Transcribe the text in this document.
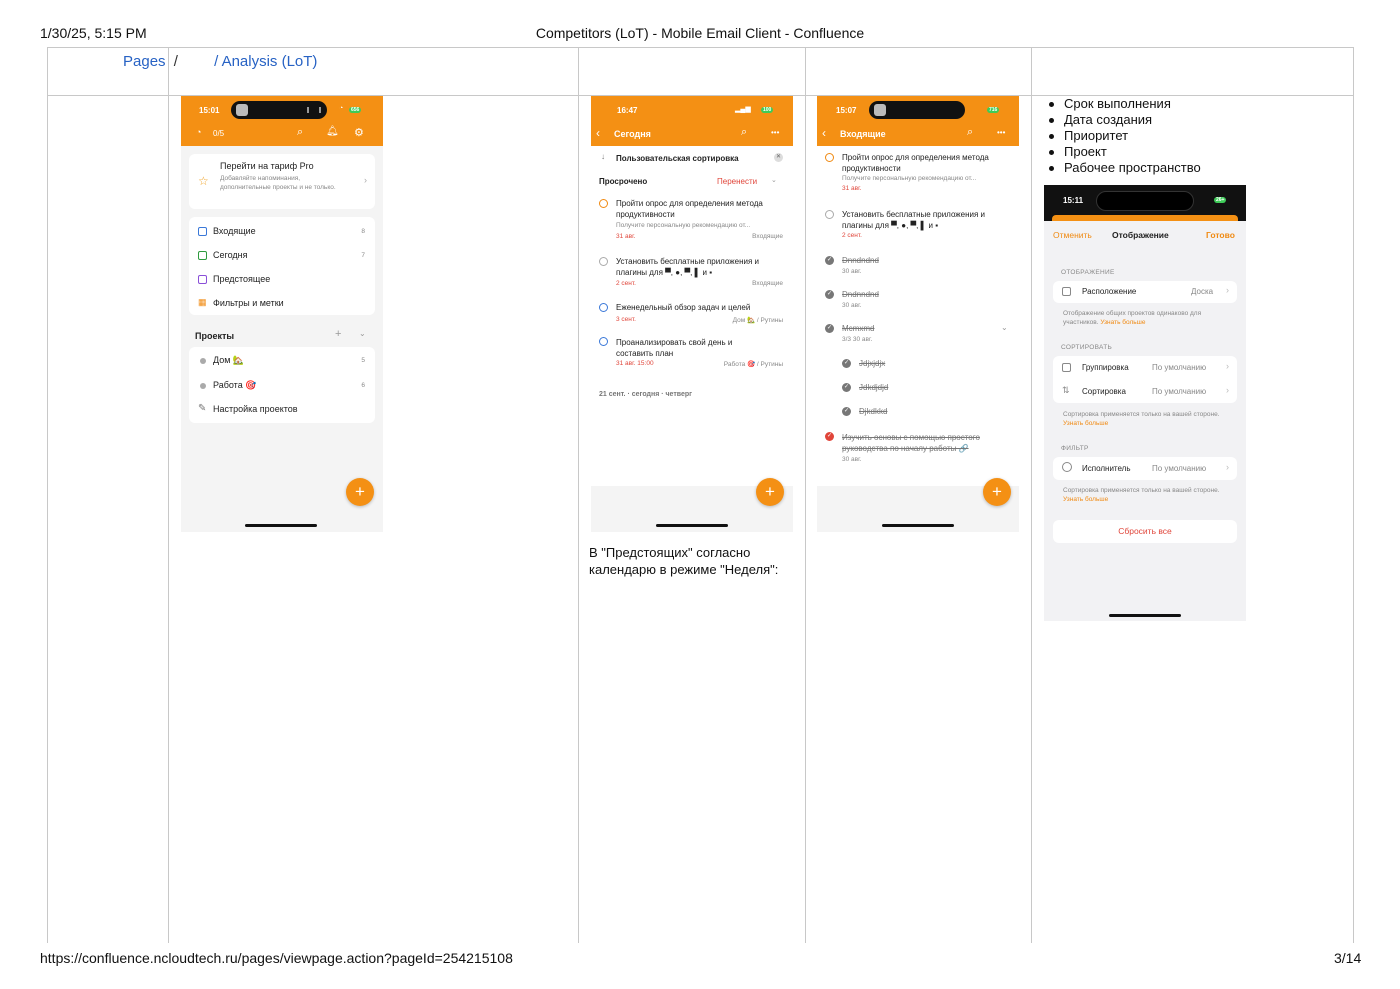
1/30/25, 5:15 PM	Competitors (LoT) - Mobile Email Client - Confluence
https://confluence.ncloudtech.ru/pages/viewpage.action?pageId=254215108	3/14
Pages / / Analysis (LoT)
15:01	◔	656
◔ 0/5	⌕ 🔔︎ ⚙
☆
Перейти на тариф Pro
Добавляйте напоминания, дополнительные проекты и не только.
›
Входящие	8
Сегодня	7
Предстоящее
▦ Фильтры и метки
Проекты	+ ⌄
Дом 🏡	5
Работа 🎯	6
✎ Настройка проектов
+
16:47	▂▄▆	100
‹ Сегодня	⌕	•••
↓ Пользовательская сортировка	✕
Просрочено	Перенести ⌄
Пройти опрос для определения метода продуктивности
Получите персональную рекомендацию от...
31 авг.	Входящие
Установить бесплатные приложения и плагины для ▀, ●, ▀, ▌ и ▪
2 сент.	Входящие
Еженедельный обзор задач и целей
3 сент.	Дом 🏡 / Рутины
Проанализировать свой день и составить план
31 авг. 15:00	Работа 🎯 / Рутины
21 сент. · сегодня · четверг
+
В "Предстоящих" согласно календарю в режиме "Неделя":
15:07	716
‹ Входящие	⌕	•••
Пройти опрос для определения метода продуктивности
Получите персональную рекомендацию от...
31 авг.
Установить бесплатные приложения и плагины для ▀, ●, ▀, ▌ и ▪
2 сент.
✓ Dnndndnd
30 авг.
✓ Dndnndnd
30 авг.
✓ Mcmxmd
3/3 30 авг.
⌄
✓ Jdjxjdjx
✓ Jdkdjdjd
✓ Djkdkkd
✓ Изучить основы с помощью простого руководства по началу работы 🔗
30 авг.
+
Срок выполнения
Дата создания
Приоритет
Проект
Рабочее пространство
15:11	26+
Отменить Отображение	Готово
ОТОБРАЖЕНИЕ
Расположение	Доска ›
Отображение общих проектов одинаково для участников. Узнать больше
СОРТИРОВАТЬ
Группировка	По умолчанию ›
⇅ Сортировка	По умолчанию ›
Сортировка применяется только на вашей стороне. Узнать больше
ФИЛЬТР
Исполнитель	По умолчанию ›
Сортировка применяется только на вашей стороне. Узнать больше
Сбросить все
